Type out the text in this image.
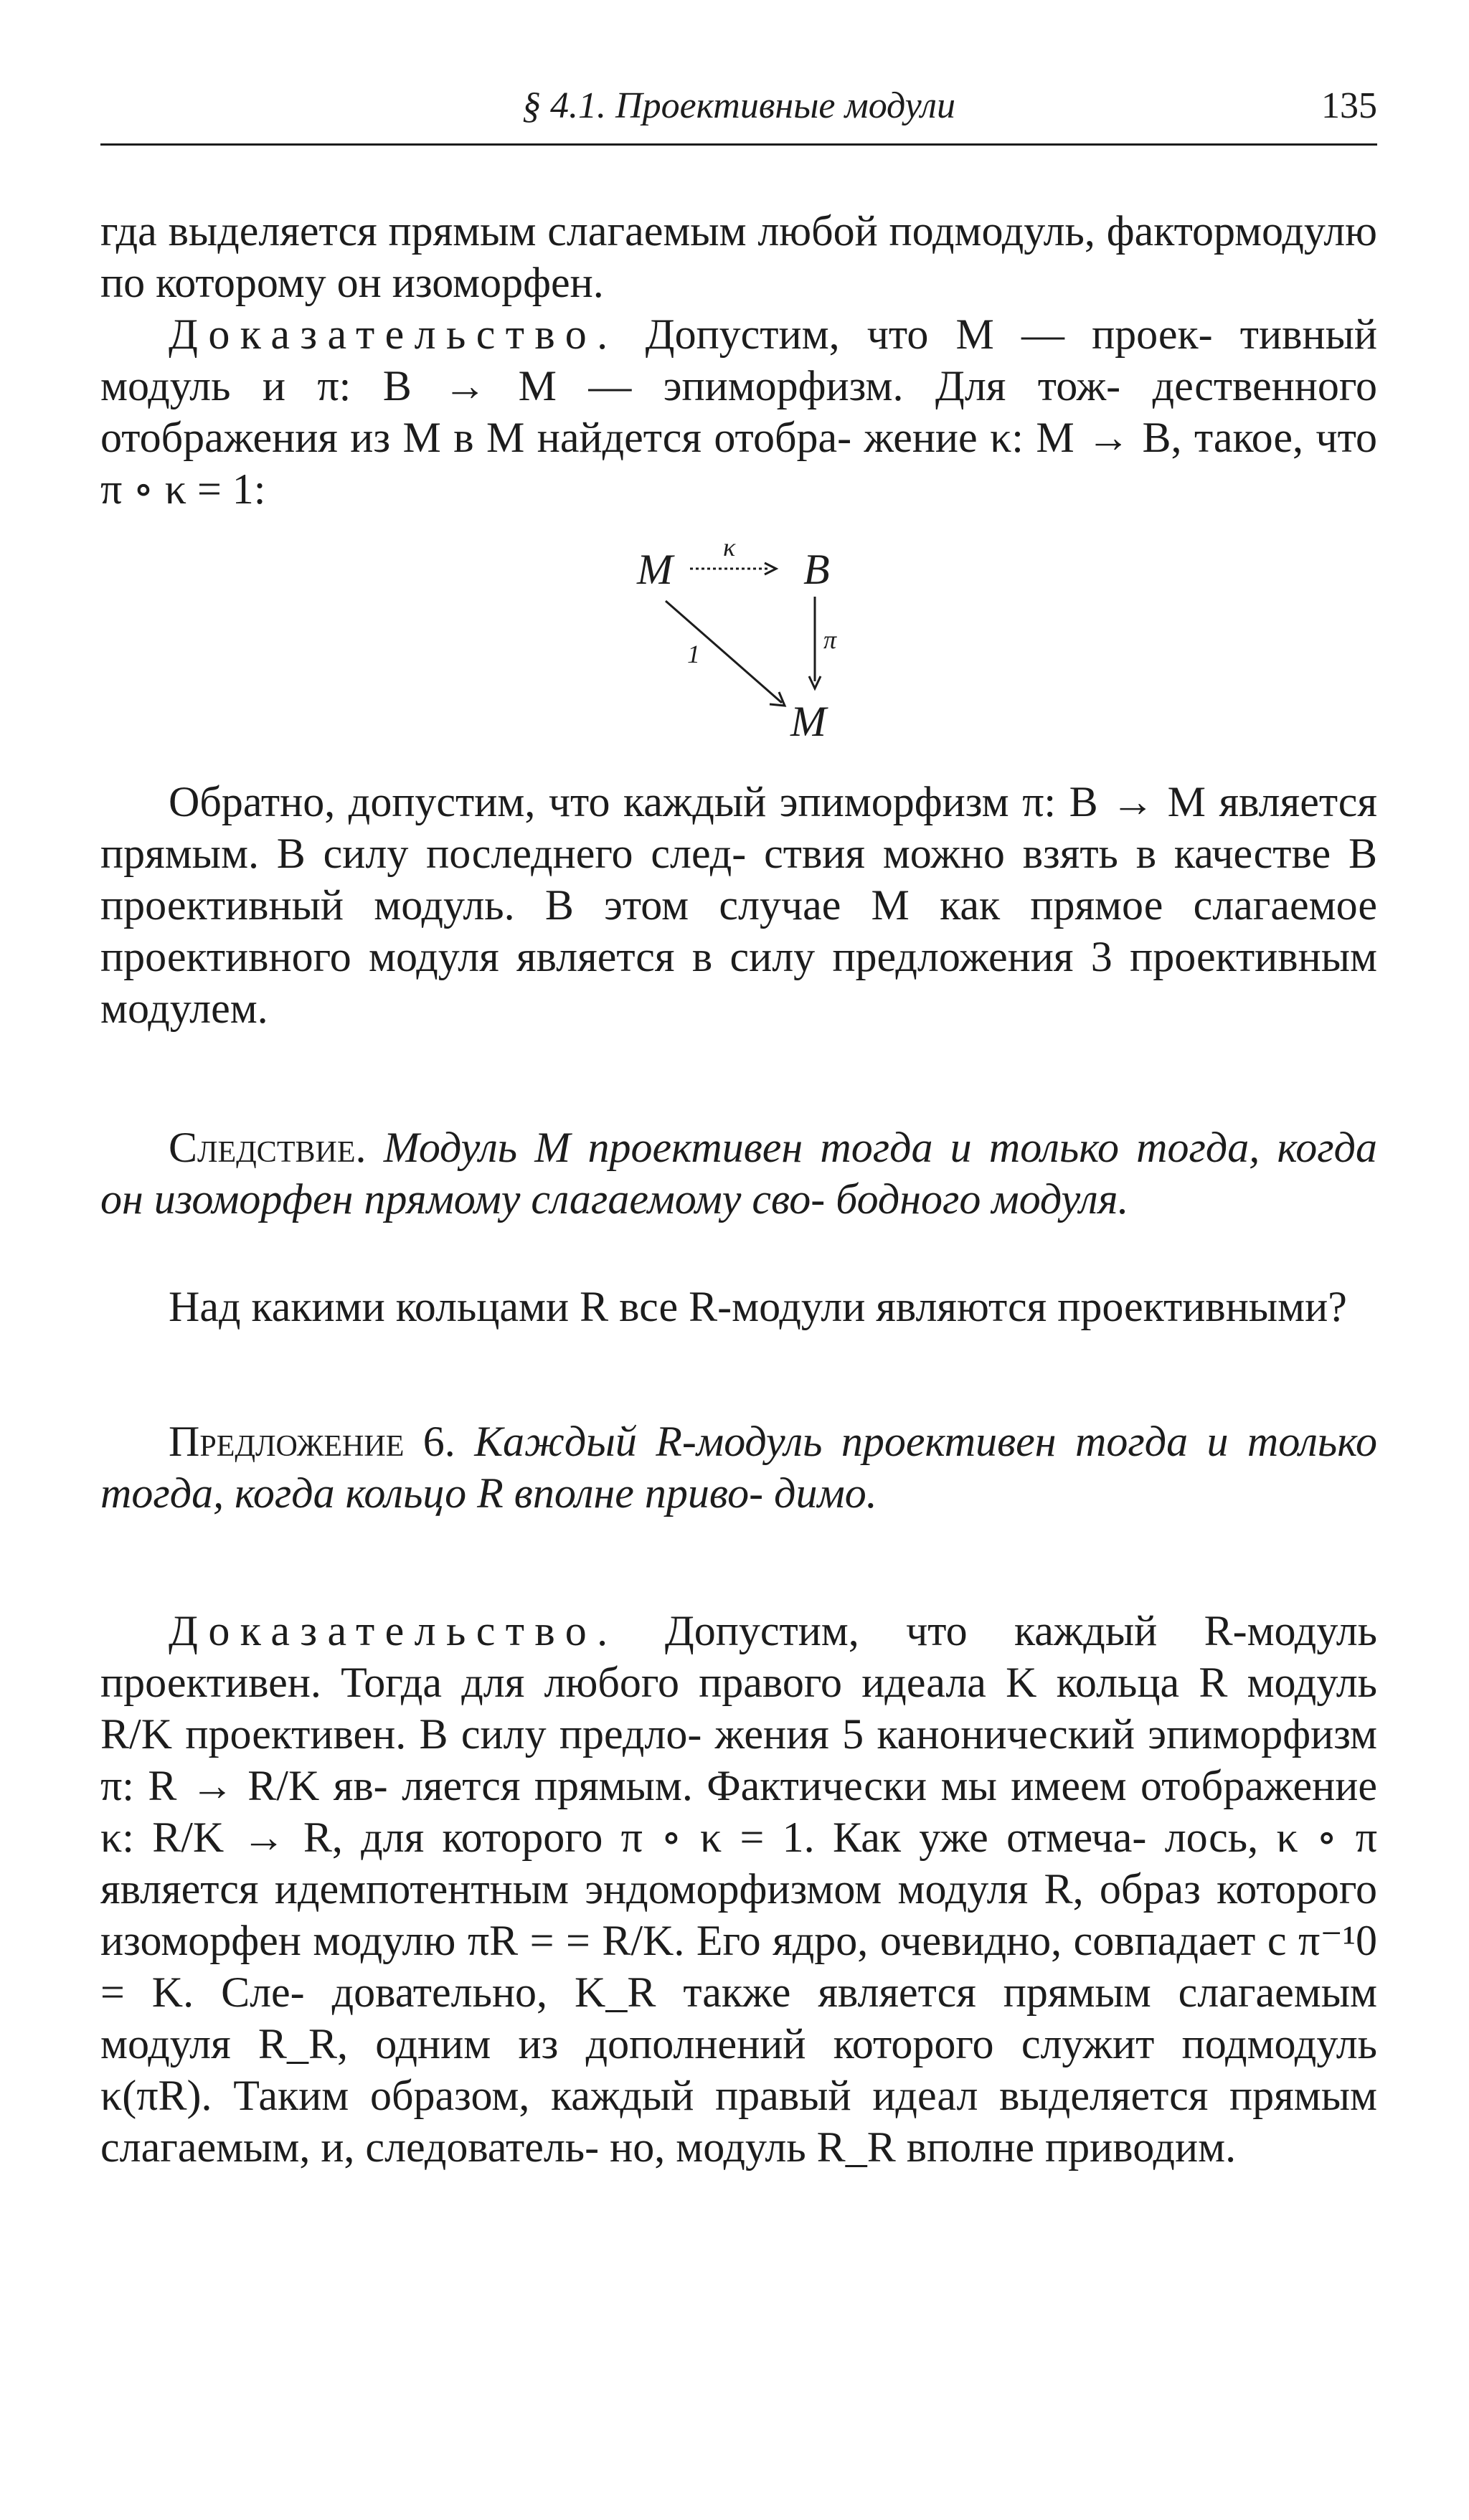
§ 4.1. Проективные модули	135

гда выделяется прямым слагаемым любой подмодуль, фактормодулю по которому он изоморфен.

Доказательство. Допустим, что M — проек- тивный модуль и π: B → M — эпиморфизм. Для тож- дественного отображения из M в M найдется отобра- жение κ: M → B, такое, что π ∘ κ = 1:

M	B
M
κ
π
1

Обратно, допустим, что каждый эпиморфизм π: B → M является прямым. В силу последнего след- ствия можно взять в качестве B проективный модуль. В этом случае M как прямое слагаемое проективного модуля является в силу предложения 3 проективным модулем.

Следствие. Модуль M проективен тогда и только тогда, когда он изоморфен прямому слагаемому сво- бодного модуля.

Над какими кольцами R все R-модули являются проективными?

Предложение 6. Каждый R-модуль проективен тогда и только тогда, когда кольцо R вполне приво- димо.

Доказательство. Допустим, что каждый R-модуль проективен. Тогда для любого правого идеала K кольца R модуль R/K проективен. В силу предло- жения 5 канонический эпиморфизм π: R → R/K яв- ляется прямым. Фактически мы имеем отображение κ: R/K → R, для которого π ∘ κ = 1. Как уже отмеча- лось, κ ∘ π является идемпотентным эндоморфизмом модуля R, образ которого изоморфен модулю πR = = R/K. Его ядро, очевидно, совпадает с π⁻¹0 = K. Сле- довательно, K_R также является прямым слагаемым модуля R_R, одним из дополнений которого служит подмодуль κ(πR). Таким образом, каждый правый идеал выделяется прямым слагаемым, и, следователь- но, модуль R_R вполне приводим.
